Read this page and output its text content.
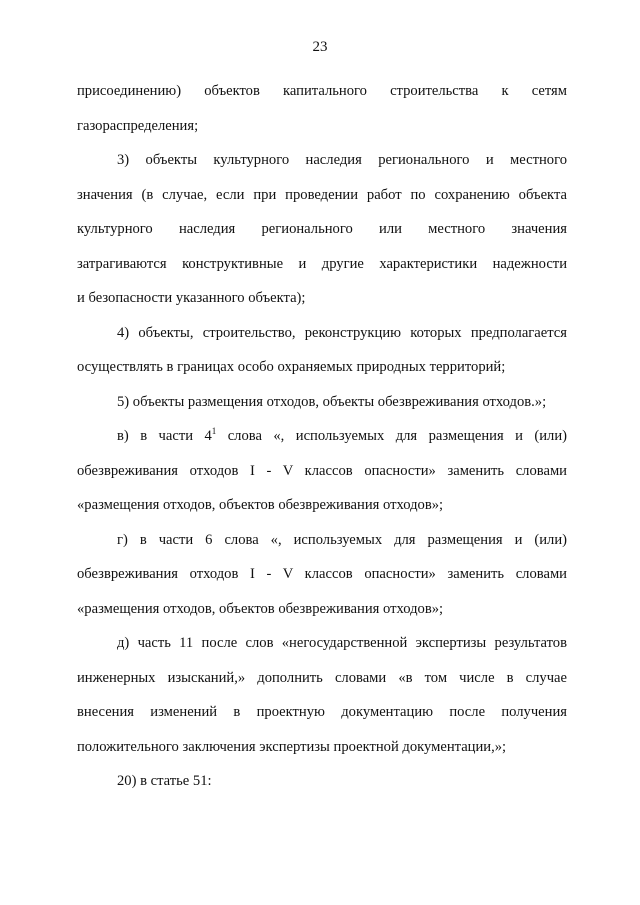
23

присоединению) объектов капитального строительства к сетям

газораспределения;

3) объекты культурного наследия регионального и местного

значения (в случае, если при проведении работ по сохранению объекта

культурного наследия регионального или местного значения

затрагиваются конструктивные и другие характеристики надежности

и безопасности указанного объекта);

4) объекты, строительство, реконструкцию которых предполагается

осуществлять в границах особо охраняемых природных территорий;

5) объекты размещения отходов, объекты обезвреживания отходов.»;

в) в части $4^1$ слова «, используемых для размещения и (или)

обезвреживания отходов I - V классов опасности» заменить словами

«размещения отходов, объектов обезвреживания отходов»;

г) в части 6 слова «, используемых для размещения и (или)

обезвреживания отходов I - V классов опасности» заменить словами

«размещения отходов, объектов обезвреживания отходов»;

д) часть 11 после слов «негосударственной экспертизы результатов

инженерных изысканий,» дополнить словами «в том числе в случае

внесения изменений в проектную документацию после получения

положительного заключения экспертизы проектной документации,»;

20) в статье 51:
